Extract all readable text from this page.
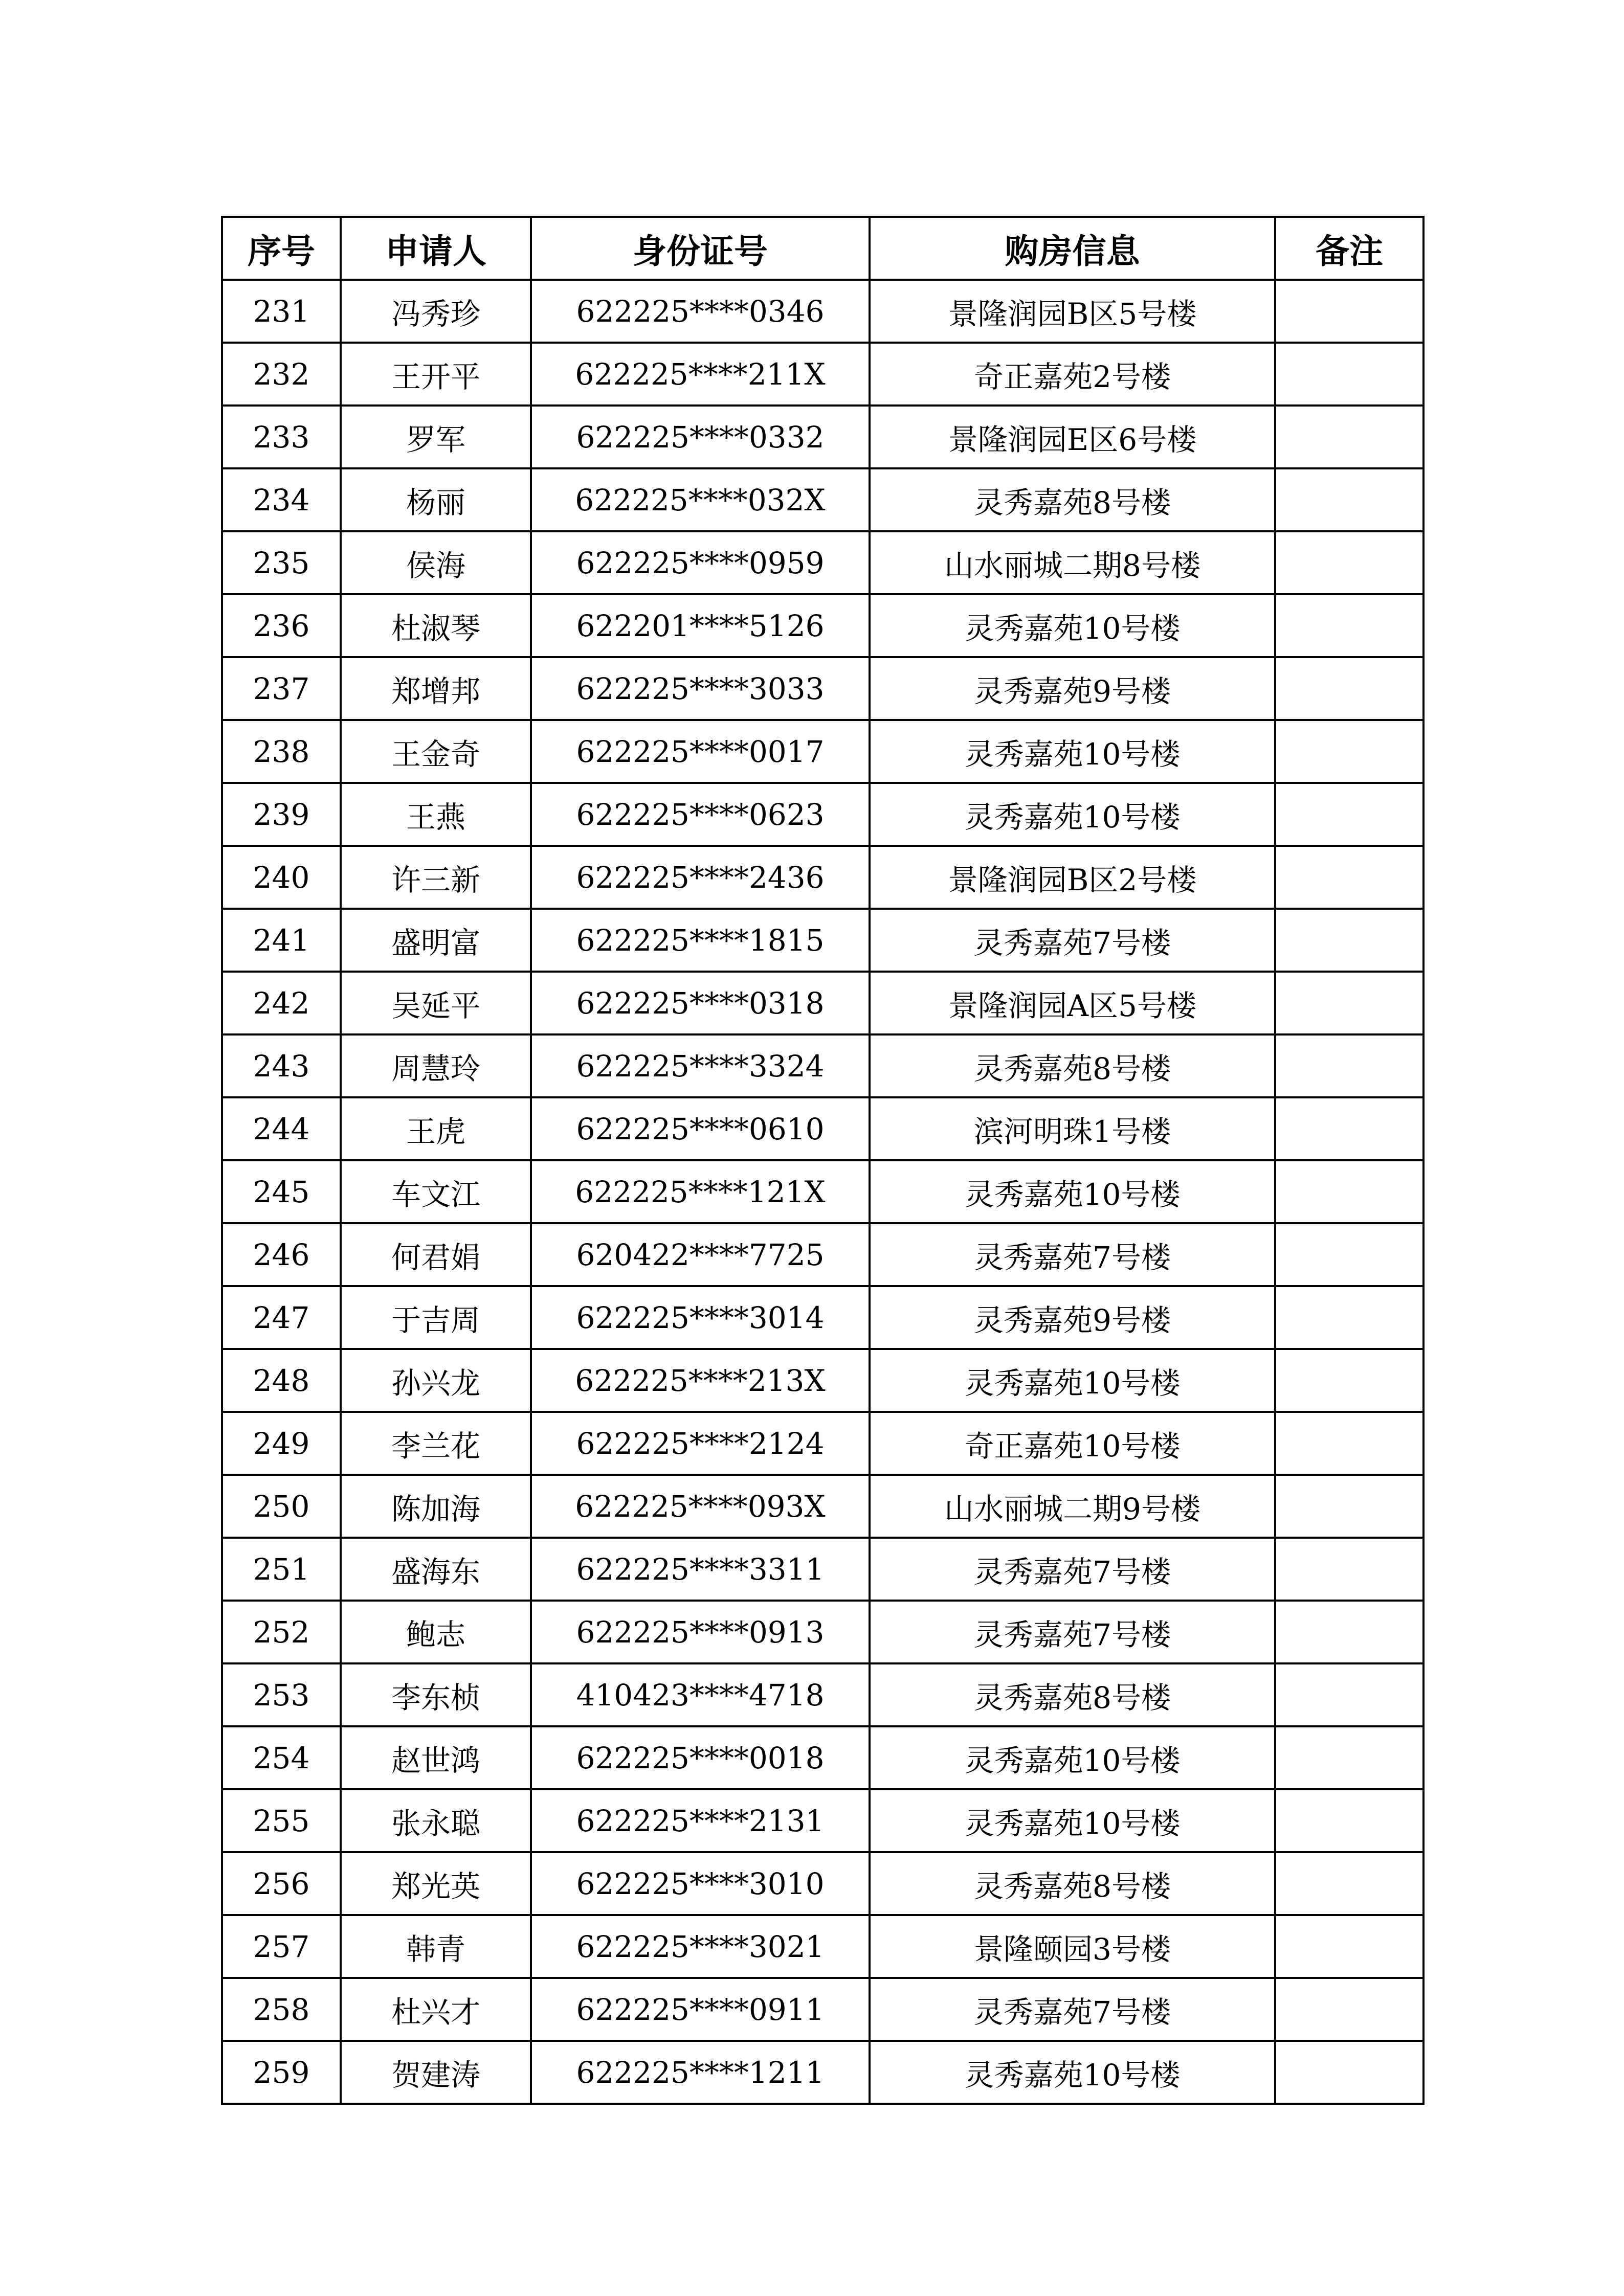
序号	申请人	身份证号	购房信息	备注
231	冯秀珍	622225****0346	景隆润园B区5号楼	
232	王开平	622225****211X	奇正嘉苑2号楼	
233	罗军	622225****0332	景隆润园E区6号楼	
234	杨丽	622225****032X	灵秀嘉苑8号楼	
235	侯海	622225****0959	山水丽城二期8号楼	
236	杜淑琴	622201****5126	灵秀嘉苑10号楼	
237	郑增邦	622225****3033	灵秀嘉苑9号楼	
238	王金奇	622225****0017	灵秀嘉苑10号楼	
239	王燕	622225****0623	灵秀嘉苑10号楼	
240	许三新	622225****2436	景隆润园B区2号楼	
241	盛明富	622225****1815	灵秀嘉苑7号楼	
242	吴延平	622225****0318	景隆润园A区5号楼	
243	周慧玲	622225****3324	灵秀嘉苑8号楼	
244	王虎	622225****0610	滨河明珠1号楼	
245	车文江	622225****121X	灵秀嘉苑10号楼	
246	何君娟	620422****7725	灵秀嘉苑7号楼	
247	于吉周	622225****3014	灵秀嘉苑9号楼	
248	孙兴龙	622225****213X	灵秀嘉苑10号楼	
249	李兰花	622225****2124	奇正嘉苑10号楼	
250	陈加海	622225****093X	山水丽城二期9号楼	
251	盛海东	622225****3311	灵秀嘉苑7号楼	
252	鲍志	622225****0913	灵秀嘉苑7号楼	
253	李东桢	410423****4718	灵秀嘉苑8号楼	
254	赵世鸿	622225****0018	灵秀嘉苑10号楼	
255	张永聪	622225****2131	灵秀嘉苑10号楼	
256	郑光英	622225****3010	灵秀嘉苑8号楼	
257	韩青	622225****3021	景隆颐园3号楼	
258	杜兴才	622225****0911	灵秀嘉苑7号楼	
259	贺建涛	622225****1211	灵秀嘉苑10号楼	
